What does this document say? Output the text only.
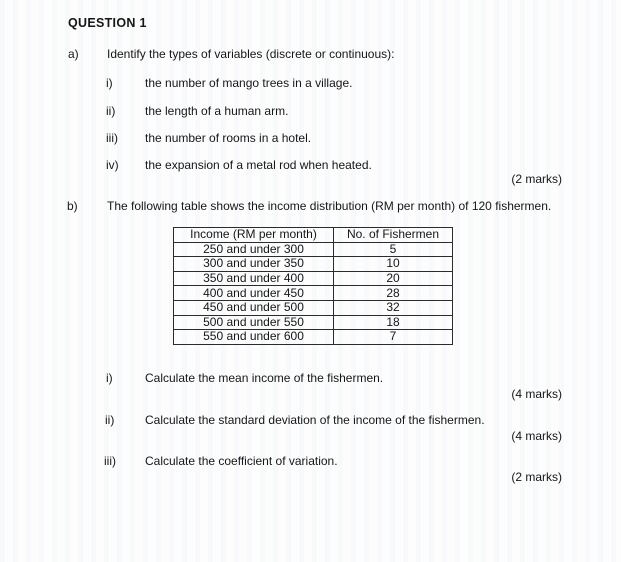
QUESTION 1
a) Identify the types of variables (discrete or continuous):
i)	the number of mango trees in a village.
ii) the length of a human arm.
iii) the number of rooms in a hotel.
iv) the expansion of a metal rod when heated.
(2 marks)
b) The following table shows the income distribution (RM per month) of 120 fishermen.
Income (RM per month)	No. of Fishermen
250 and under 300	5
300 and under 350	10
350 and under 400	20
400 and under 450	28
450 and under 500	32
500 and under 550	18
550 and under 600	7
i)	Calculate the mean income of the fishermen.
(4 marks)
ii)	Calculate the standard deviation of the income of the fishermen.
(4 marks)
iii) Calculate the coefficient of variation.
(2 marks)
